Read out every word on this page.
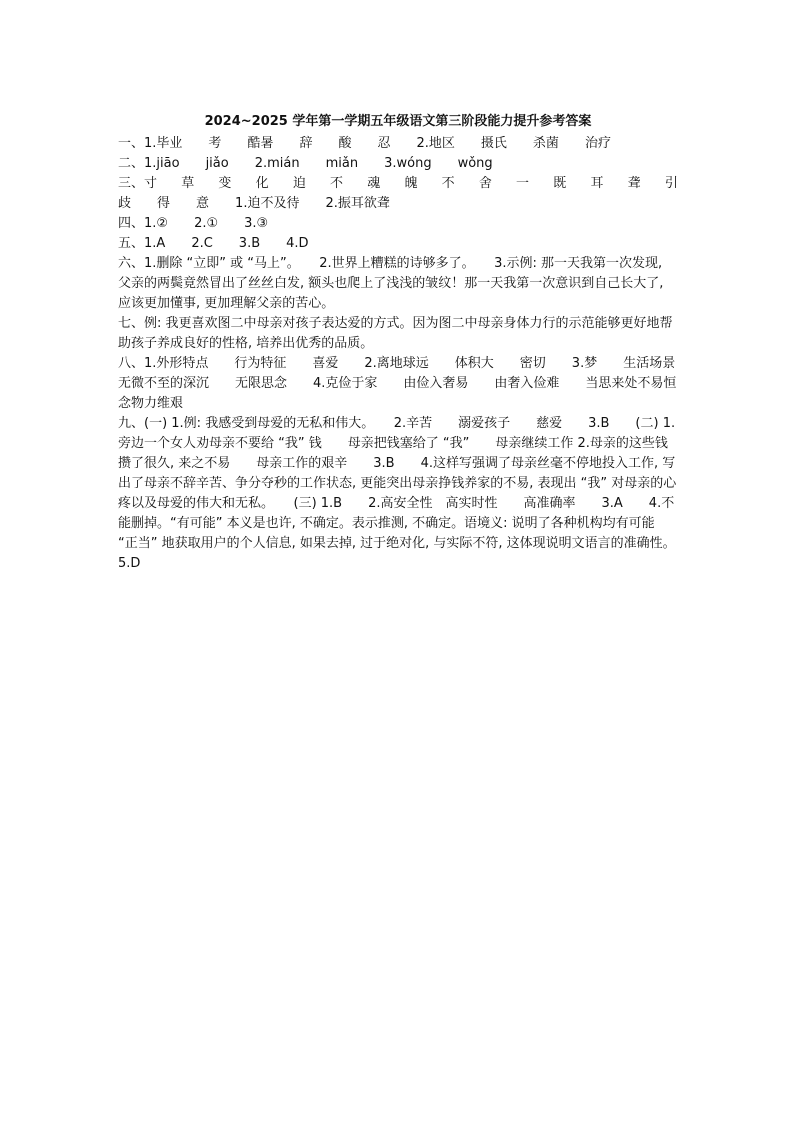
2024~2025 学年第一学期五年级语文第三阶段能力提升参考答案
一、1.毕业 考 酷暑 辞 酸 忍 2.地区 摄氏 杀菌 治疗
二、1.jiāo jiǎo 2.mián miǎn 3.wóng wǒng
三、寸 草 变 化 迫 不 魂 魄 不 舍 一 既 耳 聋 引
歧 得 意 1.迫不及待 2.振耳欲聋
四、1.② 2.① 3.③
五、1.A 2.C 3.B 4.D
六、1.删除 “立即” 或 “马上”。　　2.世界上糟糕的诗够多了。　　3.示例: 那一天我第一次发现, 父亲的两鬓竟然冒出了丝丝白发, 额头也爬上了浅浅的皱纹！那一天我第一次意识到自己长大了, 应该更加懂事, 更加理解父亲的苦心。
七、例: 我更喜欢图二中母亲对孩子表达爱的方式。因为图二中母亲身体力行的示范能够更好地帮助孩子养成良好的性格, 培养出优秀的品质。
八、1.外形特点　　行为特征　　喜爱　　2.离地球远　　体积大　　密切　　3.梦　　生活场景无微不至的深沉　　无限思念　　4.克俭于家　　由俭入奢易　　由奢入俭难　　当思来处不易恒念物力维艰
九、(一) 1.例: 我感受到母爱的无私和伟大。　　2.辛苦　　溺爱孩子　　慈爱　　3.B　　(二) 1. 旁边一个女人劝母亲不要给 “我” 钱　　母亲把钱塞给了 “我”　　母亲继续工作 2.母亲的这些钱攒了很久, 来之不易　　母亲工作的艰辛　　3.B　　4.这样写强调了母亲丝毫不停地投入工作, 写出了母亲不辞辛苦、争分夺秒的工作状态, 更能突出母亲挣钱养家的不易, 表现出 “我” 对母亲的心疼以及母爱的伟大和无私。　　(三) 1.B　　2.高安全性　高实时性　　高准确率　　3.A　　4.不能删掉。“有可能” 本义是也许, 不确定。表示推测, 不确定。语境义: 说明了各种机构均有可能 “正当” 地获取用户的个人信息, 如果去掉, 过于绝对化, 与实际不符, 这体现说明文语言的准确性。　　5.D
